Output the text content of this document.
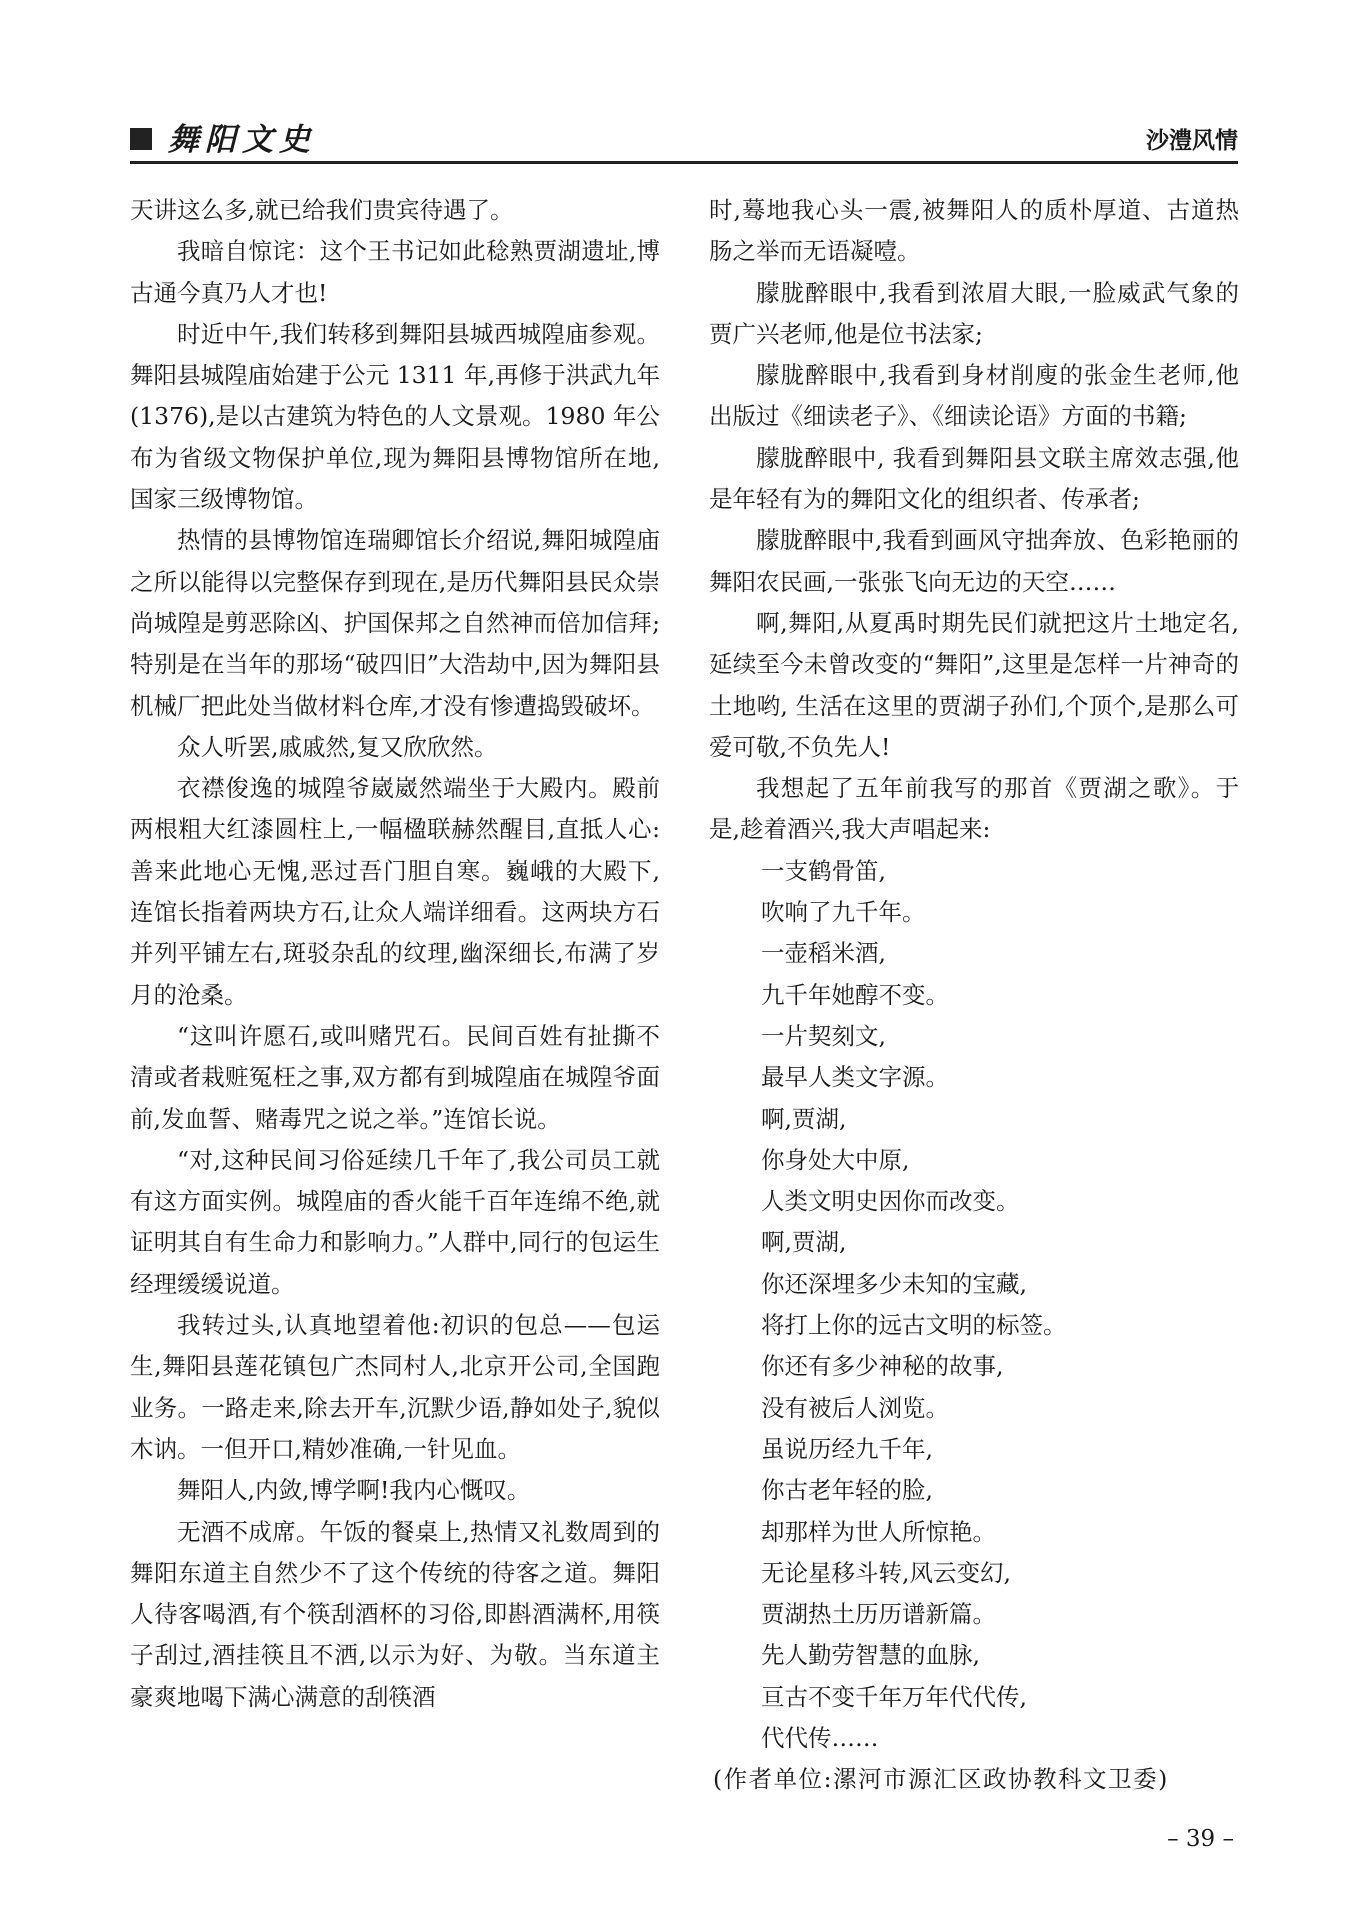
舞阳文史	沙澧风情

天讲这么多,就已给我们贵宾待遇了。

我暗自惊诧：这个王书记如此稔熟贾湖遗址,博古通今真乃人才也!

时近中午,我们转移到舞阳县城西城隍庙参观。舞阳县城隍庙始建于公元 1311 年,再修于洪武九年(1376),是以古建筑为特色的人文景观。1980 年公布为省级文物保护单位,现为舞阳县博物馆所在地,国家三级博物馆。

热情的县博物馆连瑞卿馆长介绍说,舞阳城隍庙之所以能得以完整保存到现在,是历代舞阳县民众崇尚城隍是剪恶除凶、护国保邦之自然神而倍加信拜;特别是在当年的那场“破四旧”大浩劫中,因为舞阳县机械厂把此处当做材料仓库,才没有惨遭捣毁破坏。

众人听罢,戚戚然,复又欣欣然。

衣襟俊逸的城隍爷崴崴然端坐于大殿内。殿前两根粗大红漆圆柱上,一幅楹联赫然醒目,直抵人心:善来此地心无愧,恶过吾门胆自寒。巍峨的大殿下,连馆长指着两块方石,让众人端详细看。这两块方石并列平铺左右,斑驳杂乱的纹理,幽深细长,布满了岁月的沧桑。

“这叫许愿石,或叫赌咒石。民间百姓有扯撕不清或者栽赃冤枉之事,双方都有到城隍庙在城隍爷面前,发血誓、赌毒咒之说之举。”连馆长说。

“对,这种民间习俗延续几千年了,我公司员工就有这方面实例。城隍庙的香火能千百年连绵不绝,就证明其自有生命力和影响力。”人群中,同行的包运生经理缓缓说道。

我转过头,认真地望着他:初识的包总——包运生,舞阳县莲花镇包广杰同村人,北京开公司,全国跑业务。一路走来,除去开车,沉默少语,静如处子,貌似木讷。一但开口,精妙准确,一针见血。

舞阳人,内敛,博学啊!我内心慨叹。

无酒不成席。午饭的餐桌上,热情又礼数周到的舞阳东道主自然少不了这个传统的待客之道。舞阳人待客喝酒,有个筷刮酒杯的习俗,即斟酒满杯,用筷子刮过,酒挂筷且不洒,以示为好、为敬。当东道主豪爽地喝下满心满意的刮筷酒

时,蓦地我心头一震,被舞阳人的质朴厚道、古道热肠之举而无语凝噎。

朦胧醉眼中,我看到浓眉大眼,一脸威武气象的贾广兴老师,他是位书法家;

朦胧醉眼中,我看到身材削廋的张金生老师,他出版过《细读老子》、《细读论语》方面的书籍;

朦胧醉眼中, 我看到舞阳县文联主席效志强,他是年轻有为的舞阳文化的组织者、传承者;

朦胧醉眼中,我看到画风守拙奔放、色彩艳丽的舞阳农民画,一张张飞向无边的天空……

啊,舞阳,从夏禹时期先民们就把这片土地定名,延续至今未曾改变的“舞阳”,这里是怎样一片神奇的土地哟, 生活在这里的贾湖子孙们,个顶个,是那么可爱可敬,不负先人!

我想起了五年前我写的那首《贾湖之歌》。于是,趁着酒兴,我大声唱起来:

一支鹤骨笛,
吹响了九千年。
一壶稻米酒,
九千年她醇不变。
一片契刻文,
最早人类文字源。
啊,贾湖,
你身处大中原,
人类文明史因你而改变。
啊,贾湖,
你还深埋多少未知的宝藏,
将打上你的远古文明的标签。
你还有多少神秘的故事,
没有被后人浏览。
虽说历经九千年,
你古老年轻的脸,
却那样为世人所惊艳。
无论星移斗转,风云变幻,
贾湖热土历历谱新篇。
先人勤劳智慧的血脉,
亘古不变千年万年代代传,
代代传……
(作者单位:漯河市源汇区政协教科文卫委)
– 39 –
